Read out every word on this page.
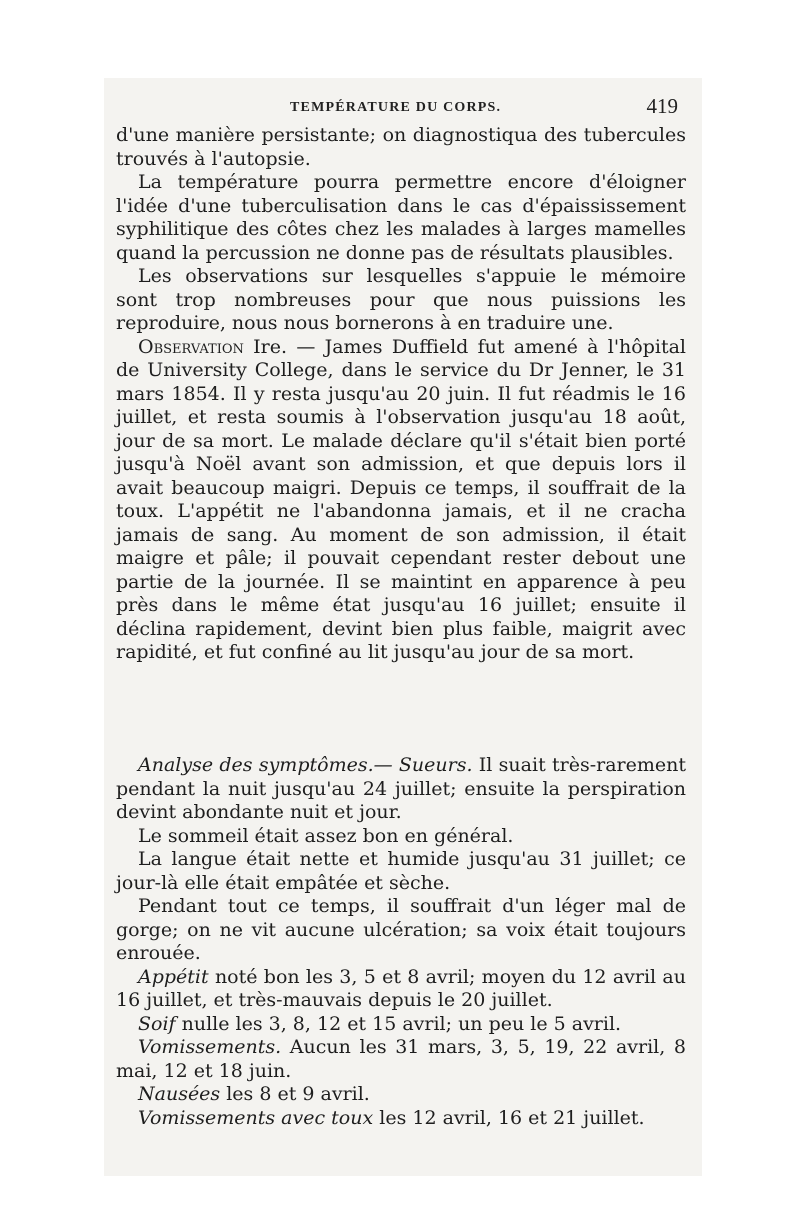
TEMPÉRATURE DU CORPS.	419

d'une manière persistante; on diagnostiqua des tubercules trouvés à l'autopsie.

La température pourra permettre encore d'éloigner l'idée d'une tuberculisation dans le cas d'épaississement syphilitique des côtes chez les malades à larges mamelles quand la percussion ne donne pas de résultats plausibles.

Les observations sur lesquelles s'appuie le mémoire sont trop nombreuses pour que nous puissions les reproduire, nous nous bornerons à en traduire une.

Observation Ire. — James Duffield fut amené à l'hôpital de University College, dans le service du Dr Jenner, le 31 mars 1854. Il y resta jusqu'au 20 juin. Il fut réadmis le 16 juillet, et resta soumis à l'observation jusqu'au 18 août, jour de sa mort. Le malade déclare qu'il s'était bien porté jusqu'à Noël avant son admission, et que depuis lors il avait beaucoup maigri. Depuis ce temps, il souffrait de la toux. L'appétit ne l'abandonna jamais, et il ne cracha jamais de sang. Au moment de son admission, il était maigre et pâle; il pouvait cependant rester debout une partie de la journée. Il se maintint en apparence à peu près dans le même état jusqu'au 16 juillet; ensuite il déclina rapidement, devint bien plus faible, maigrit avec rapidité, et fut confiné au lit jusqu'au jour de sa mort.

Analyse des symptômes.— Sueurs. Il suait très-rarement pendant la nuit jusqu'au 24 juillet; ensuite la perspiration devint abondante nuit et jour.

Le sommeil était assez bon en général.

La langue était nette et humide jusqu'au 31 juillet; ce jour-là elle était empâtée et sèche.

Pendant tout ce temps, il souffrait d'un léger mal de gorge; on ne vit aucune ulcération; sa voix était toujours enrouée.

Appétit noté bon les 3, 5 et 8 avril; moyen du 12 avril au 16 juillet, et très-mauvais depuis le 20 juillet.

Soif nulle les 3, 8, 12 et 15 avril; un peu le 5 avril.

Vomissements. Aucun les 31 mars, 3, 5, 19, 22 avril, 8 mai, 12 et 18 juin.

Nausées les 8 et 9 avril.

Vomissements avec toux les 12 avril, 16 et 21 juillet.
